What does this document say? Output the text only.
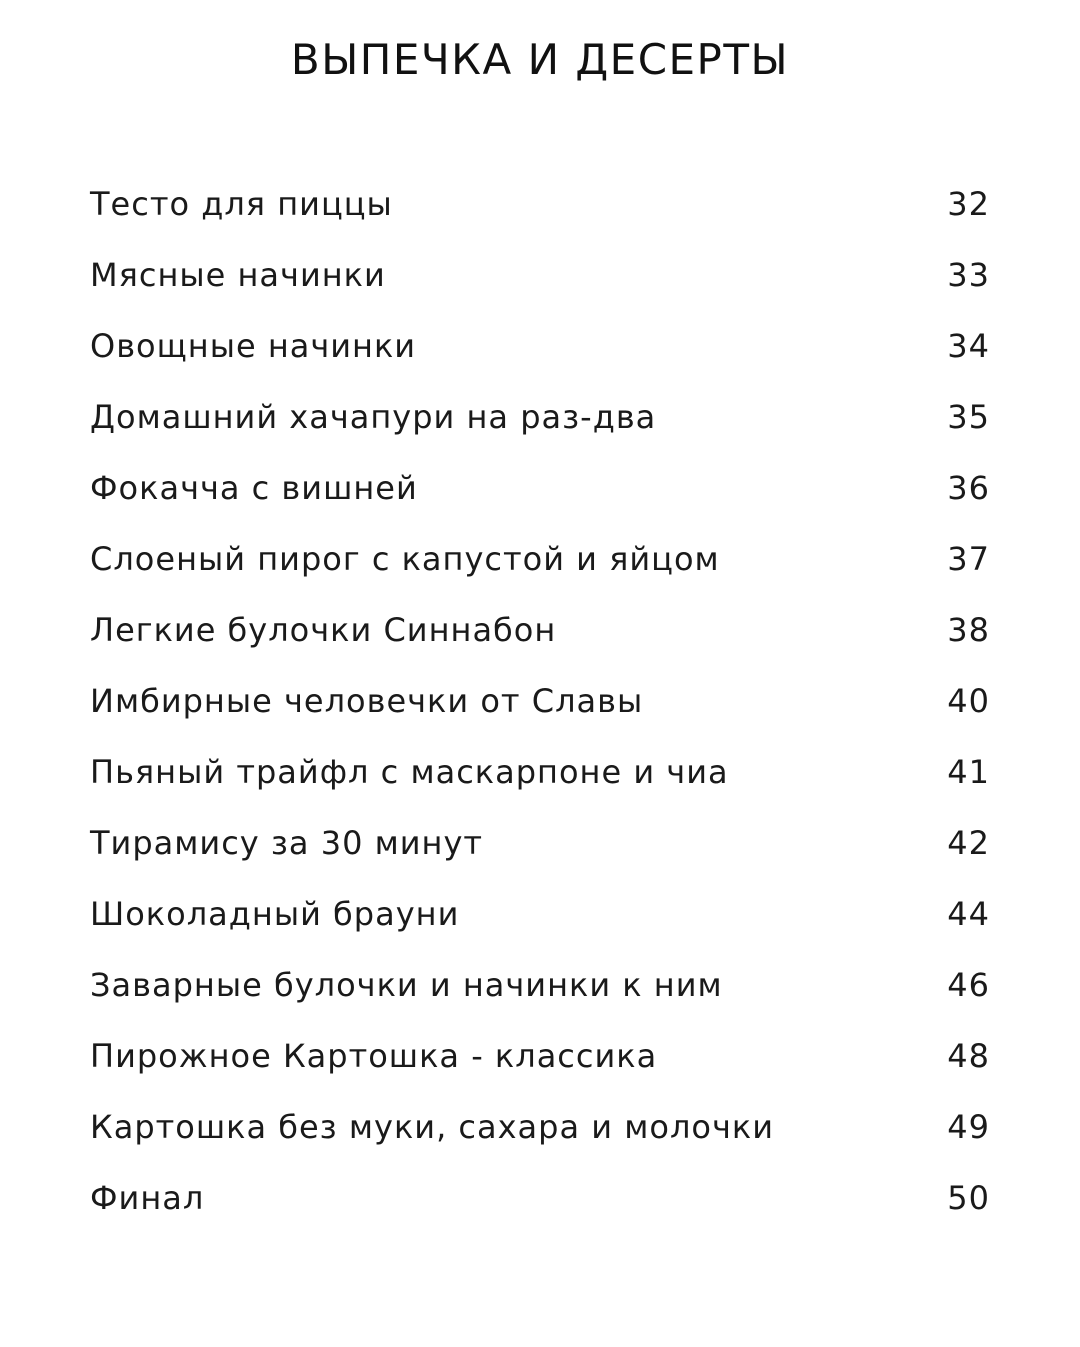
ВЫПЕЧКА И ДЕСЕРТЫ
Тесто для пиццы	32
Мясные начинки	33
Овощные начинки	34
Домашний хачапури на раз-два	35
Фокачча с вишней	36
Слоеный пирог с капустой и яйцом	37
Легкие булочки Синнабон	38
Имбирные человечки от Славы	40
Пьяный трайфл с маскарпоне и чиа	41
Тирамису за 30 минут	42
Шоколадный брауни	44
Заварные булочки и начинки к ним	46
Пирожное Картошка - классика	48
Картошка без муки, сахара и молочки	49
Финал	50
